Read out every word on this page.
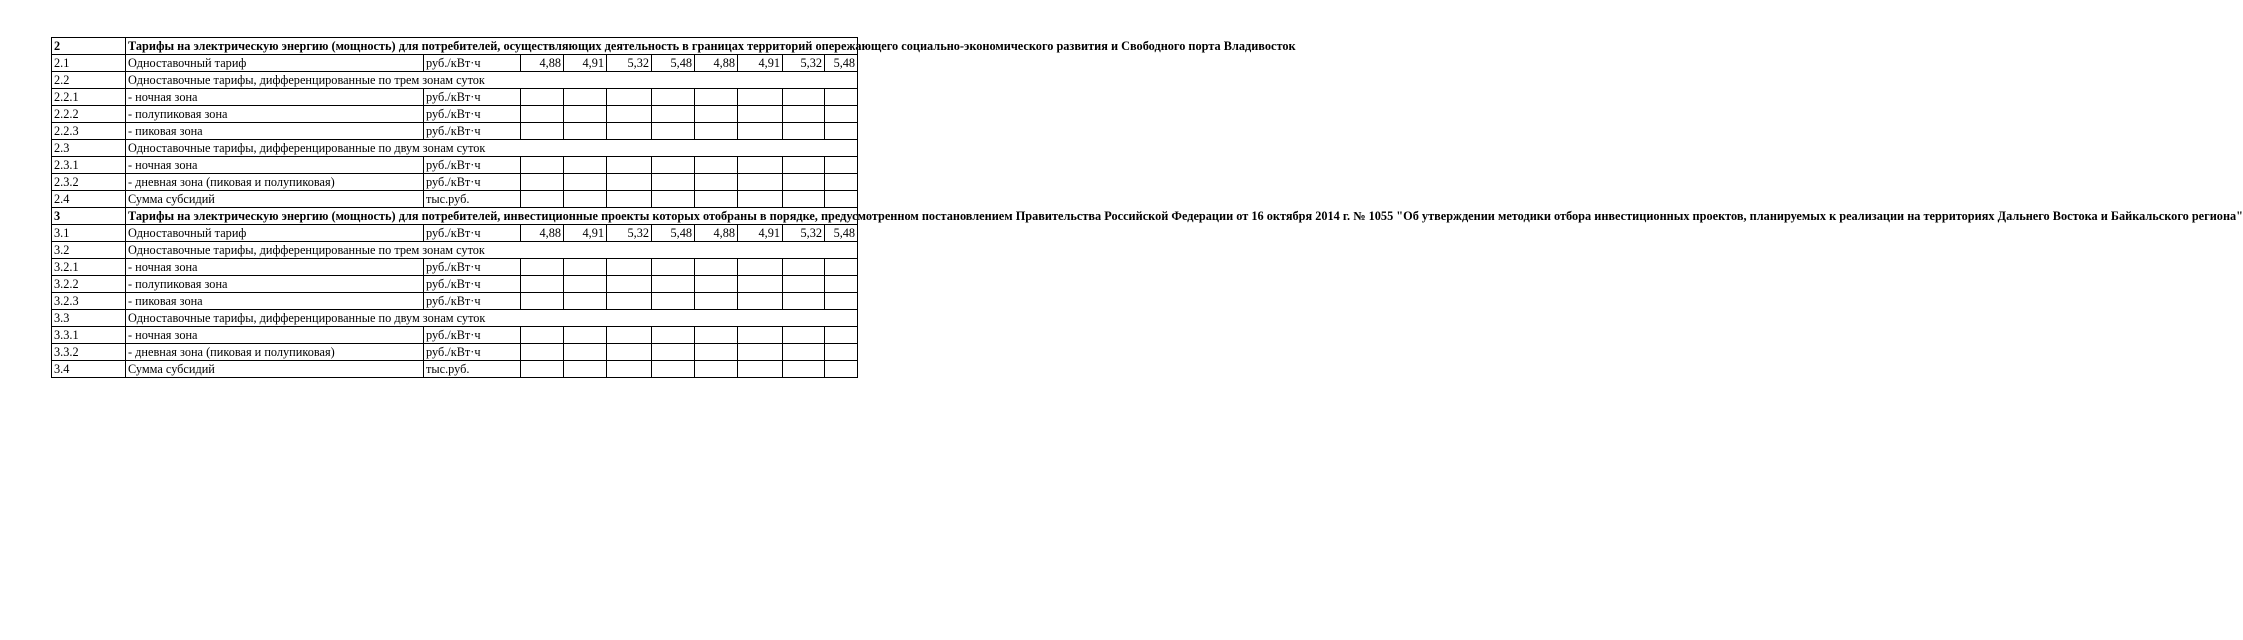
2	Тарифы на электрическую энергию (мощность) для потребителей, осуществляющих деятельность в границах территорий опережающего социально-экономического развития и Свободного порта Владивосток									
2.1	Одноставочный тариф	руб./кВт·ч	4,88	4,91	5,32	5,48	4,88	4,91	5,32	5,48
2.2	Одноставочные тарифы, дифференцированные по трем зонам суток									
2.2.1	- ночная зона	руб./кВт·ч								
2.2.2	- полупиковая зона	руб./кВт·ч								
2.2.3	- пиковая зона	руб./кВт·ч								
2.3	Одноставочные тарифы, дифференцированные по двум зонам суток									
2.3.1	- ночная зона	руб./кВт·ч								
2.3.2	- дневная зона (пиковая и полупиковая)	руб./кВт·ч								
2.4	Сумма субсидий	тыс.руб.								
3	Тарифы на электрическую энергию (мощность) для потребителей, инвестиционные проекты которых отобраны в порядке, предусмотренном постановлением Правительства Российской Федерации от 16 октября 2014 г. № 1055 "Об утверждении методики отбора инвестиционных проектов, планируемых к реализации на территориях Дальнего Востока и Байкальского региона"									
3.1	Одноставочный тариф	руб./кВт·ч	4,88	4,91	5,32	5,48	4,88	4,91	5,32	5,48
3.2	Одноставочные тарифы, дифференцированные по трем зонам суток									
3.2.1	- ночная зона	руб./кВт·ч								
3.2.2	- полупиковая зона	руб./кВт·ч								
3.2.3	- пиковая зона	руб./кВт·ч								
3.3	Одноставочные тарифы, дифференцированные по двум зонам суток									
3.3.1	- ночная зона	руб./кВт·ч								
3.3.2	- дневная зона (пиковая и полупиковая)	руб./кВт·ч								
3.4	Сумма субсидий	тыс.руб.								
